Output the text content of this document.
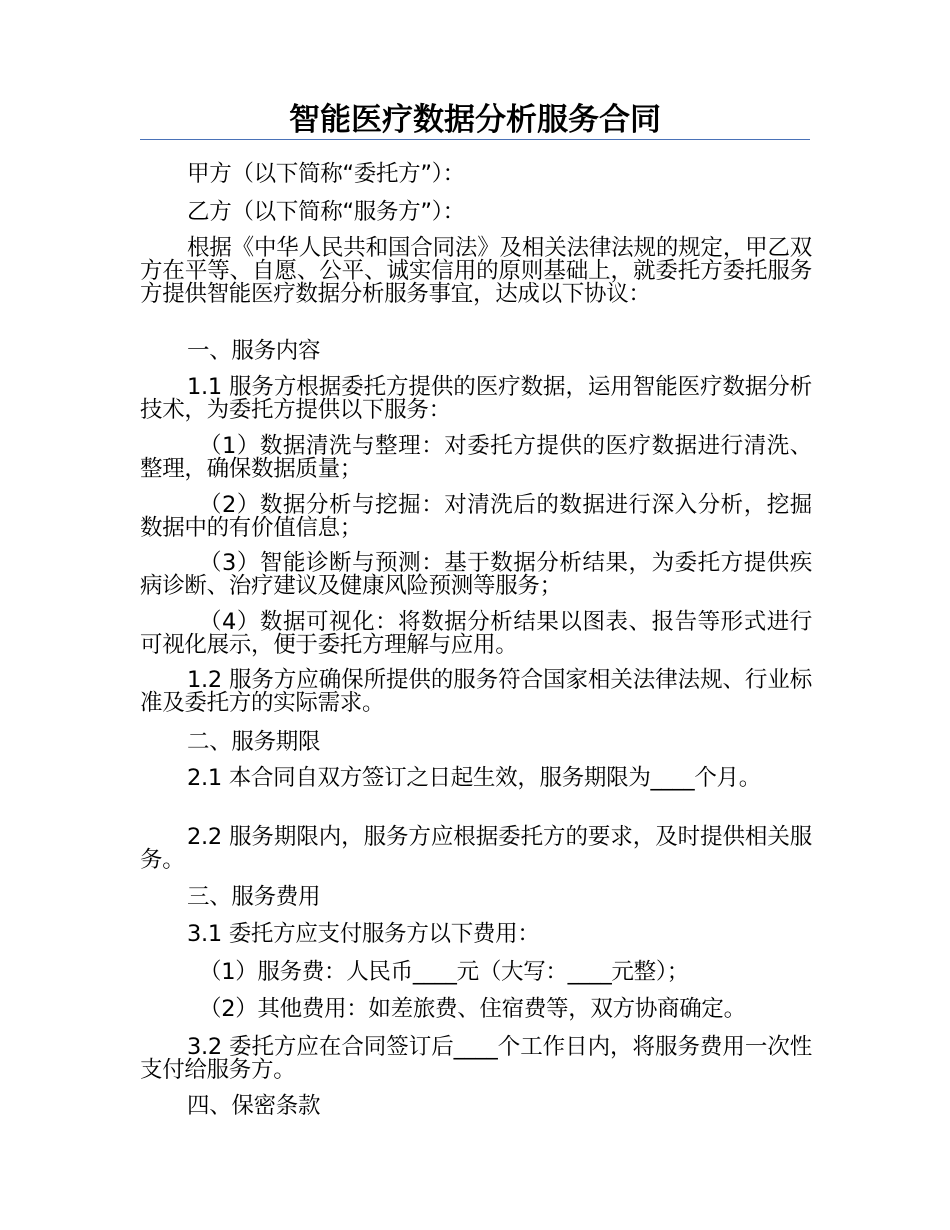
智能医疗数据分析服务合同

甲方（以下简称“委托方”）：

乙方（以下简称“服务方”）：

根据《中华人民共和国合同法》及相关法律法规的规定，甲乙双方在平等、自愿、公平、诚实信用的原则基础上，就委托方委托服务方提供智能医疗数据分析服务事宜，达成以下协议：

一、服务内容

1.1 服务方根据委托方提供的医疗数据，运用智能医疗数据分析技术，为委托方提供以下服务：

（1）数据清洗与整理：对委托方提供的医疗数据进行清洗、整理，确保数据质量；

（2）数据分析与挖掘：对清洗后的数据进行深入分析，挖掘数据中的有价值信息；

（3）智能诊断与预测：基于数据分析结果，为委托方提供疾病诊断、治疗建议及健康风险预测等服务；

（4）数据可视化：将数据分析结果以图表、报告等形式进行可视化展示，便于委托方理解与应用。

1.2 服务方应确保所提供的服务符合国家相关法律法规、行业标准及委托方的实际需求。

二、服务期限

2.1 本合同自双方签订之日起生效，服务期限为____个月。

2.2 服务期限内，服务方应根据委托方的要求，及时提供相关服务。

三、服务费用

3.1 委托方应支付服务方以下费用：

（1）服务费：人民币____元（大写：____元整）；

（2）其他费用：如差旅费、住宿费等，双方协商确定。

3.2 委托方应在合同签订后____个工作日内，将服务费用一次性支付给服务方。

四、保密条款
